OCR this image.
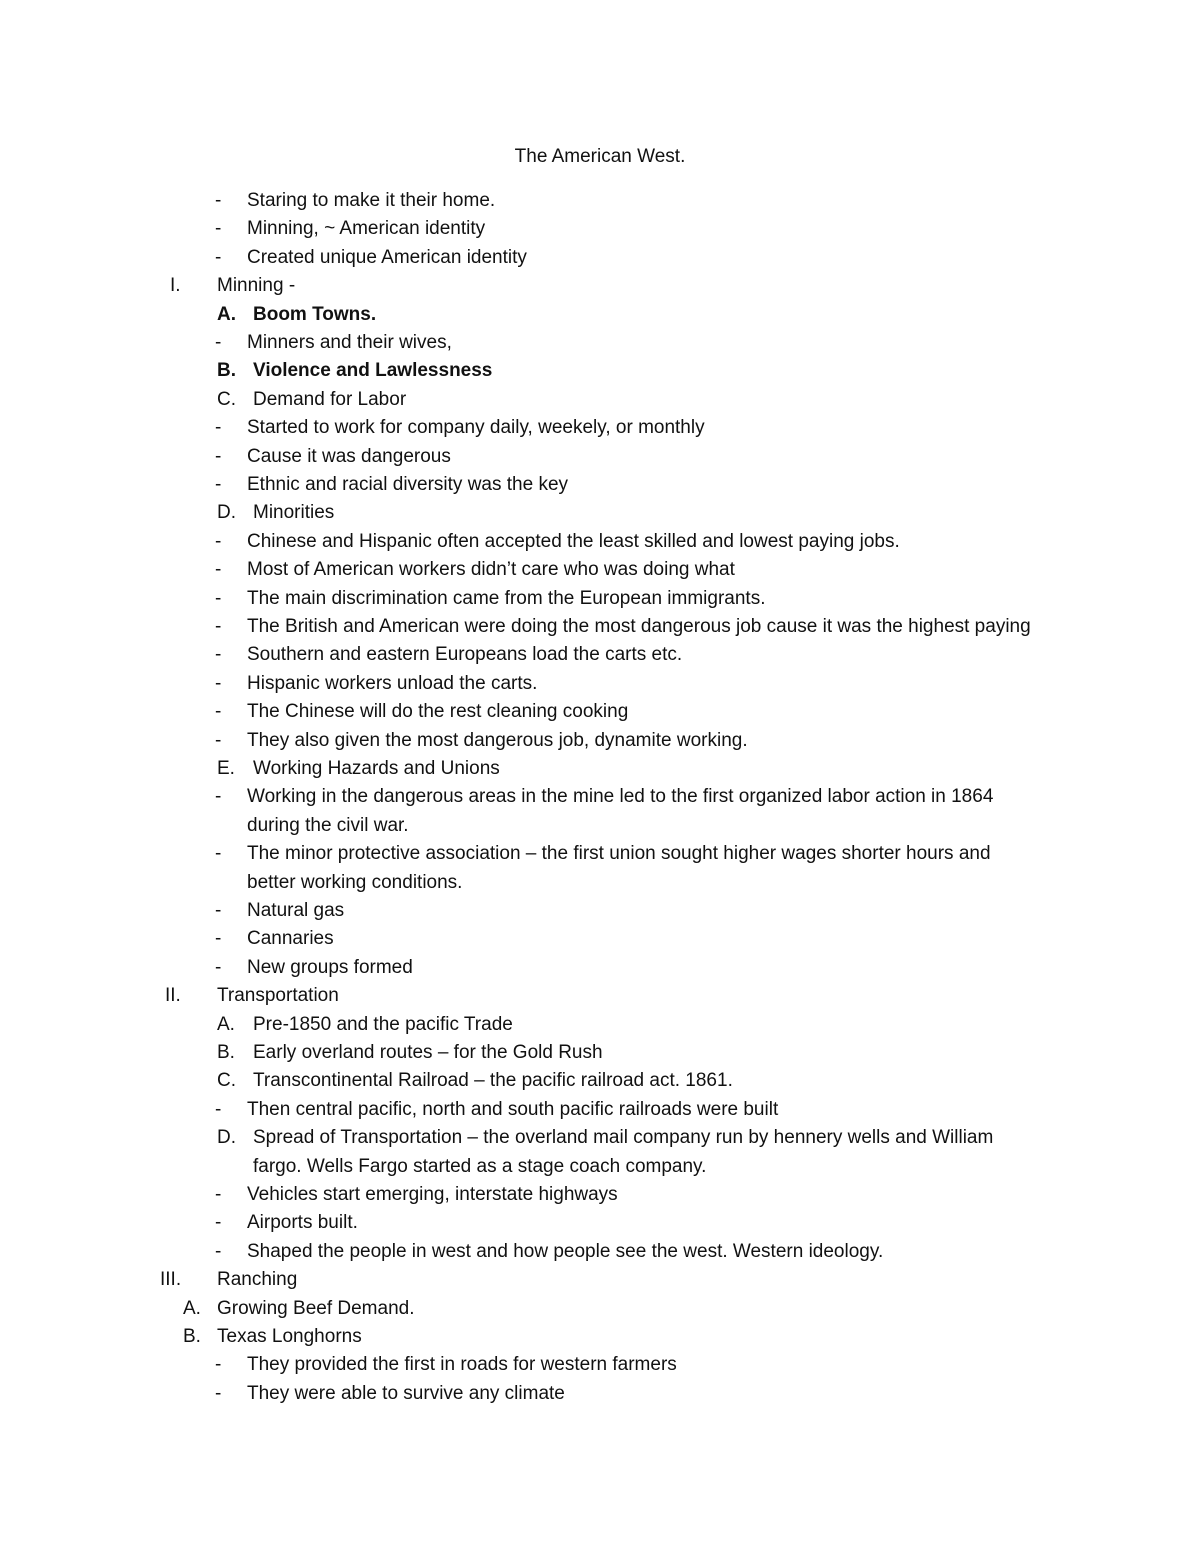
The American West.
- Staring to make it their home.
- Minning, ~ American identity
- Created unique American identity
I. Minning -
A. Boom Towns.
- Minners and their wives,
B. Violence and Lawlessness
C. Demand for Labor
- Started to work for company daily, weekely, or monthly
- Cause it was dangerous
- Ethnic and racial diversity was the key
D. Minorities
- Chinese and Hispanic often accepted the least skilled and lowest paying jobs.
- Most of American workers didn’t care who was doing what
- The main discrimination came from the European immigrants.
- The British and American were doing the most dangerous job cause it was the highest paying
- Southern and eastern Europeans load the carts etc.
- Hispanic workers unload the carts.
- The Chinese will do the rest cleaning cooking
- They also given the most dangerous job, dynamite working.
E. Working Hazards and Unions
- Working in the dangerous areas in the mine led to the first organized labor action in 1864
during the civil war.
- The minor protective association – the first union sought higher wages shorter hours and
better working conditions.
- Natural gas
- Cannaries
- New groups formed
II. Transportation
A. Pre-1850 and the pacific Trade
B. Early overland routes – for the Gold Rush
C. Transcontinental Railroad – the pacific railroad act. 1861.
- Then central pacific, north and south pacific railroads were built
D. Spread of Transportation – the overland mail company run by hennery wells and William
fargo. Wells Fargo started as a stage coach company.
- Vehicles start emerging, interstate highways
- Airports built.
- Shaped the people in west and how people see the west. Western ideology.
III. Ranching
A. Growing Beef Demand.
B. Texas Longhorns
- They provided the first in roads for western farmers
- They were able to survive any climate
